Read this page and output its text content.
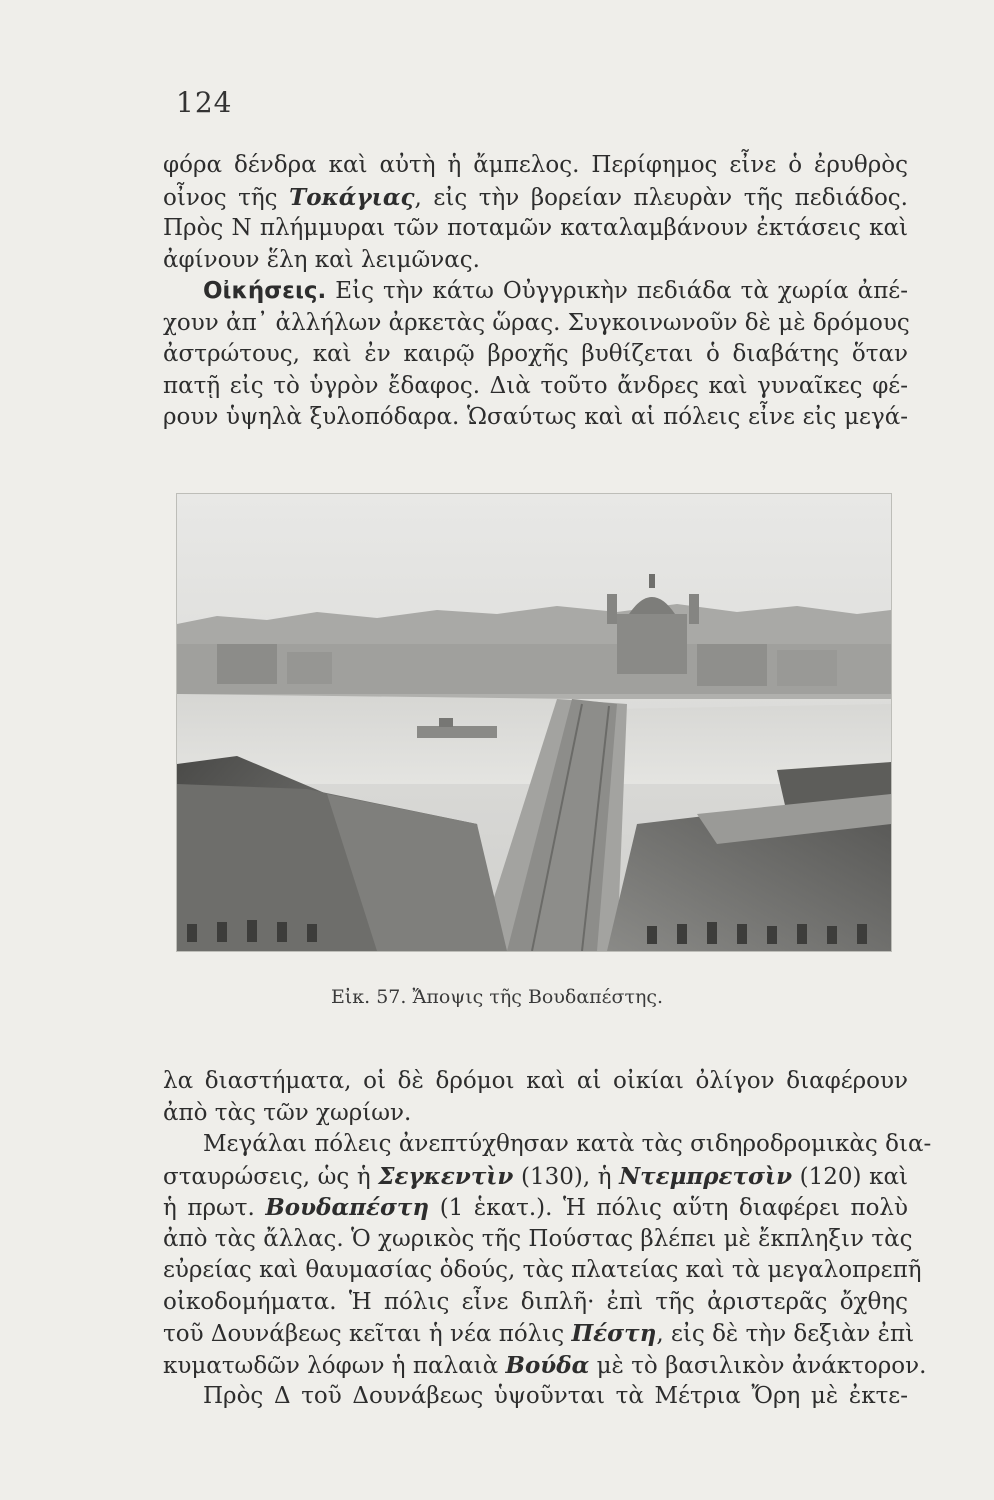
124
φόρα δένδρα καὶ αὐτὴ ἡ ἄμπελος. Περίφημος εἶνε ὁ ἐρυθρὸς
οἶνος τῆς Τοκάγιας, εἰς τὴν βορείαν πλευρὰν τῆς πεδιάδος.
Πρὸς Ν πλήμμυραι τῶν ποταμῶν καταλαμβάνουν ἐκτάσεις καὶ
ἀφίνουν ἕλη καὶ λειμῶνας.
Οἰκήσεις. Εἰς τὴν κάτω Οὐγγρικὴν πεδιάδα τὰ χωρία ἀπέ-
χουν ἀπ᾿ ἀλλήλων ἀρκετὰς ὥρας. Συγκοινωνοῦν δὲ μὲ δρόμους
ἀστρώτους, καὶ ἐν καιρῷ βροχῆς βυθίζεται ὁ διαβάτης ὅταν
πατῇ εἰς τὸ ὑγρὸν ἔδαφος. Διὰ τοῦτο ἄνδρες καὶ γυναῖκες φέ-
ρουν ὑψηλὰ ξυλοπόδαρα. Ὡσαύτως καὶ αἱ πόλεις εἶνε εἰς μεγά-
Εἰκ. 57. Ἄποψις τῆς Βουδαπέστης.
λα διαστήματα, οἱ δὲ δρόμοι καὶ αἱ οἰκίαι ὀλίγον διαφέρουν
ἀπὸ τὰς τῶν χωρίων.
Μεγάλαι πόλεις ἀνεπτύχθησαν κατὰ τὰς σιδηροδρομικὰς δια-
σταυρώσεις, ὡς ἡ Σεγκεντὶν (130), ἡ Ντεμπρετσὶν (120) καὶ
ἡ πρωτ. Βουδαπέστη (1 ἑκατ.). Ἡ πόλις αὕτη διαφέρει πολὺ
ἀπὸ τὰς ἄλλας. Ὁ χωρικὸς τῆς Πούστας βλέπει μὲ ἔκπληξιν τὰς
εὐρείας καὶ θαυμασίας ὁδούς, τὰς πλατείας καὶ τὰ μεγαλοπρεπῆ
οἰκοδομήματα. Ἡ πόλις εἶνε διπλῆ· ἐπὶ τῆς ἀριστερᾶς ὄχθης
τοῦ Δουνάβεως κεῖται ἡ νέα πόλις Πέστη, εἰς δὲ τὴν δεξιὰν ἐπὶ
κυματωδῶν λόφων ἡ παλαιὰ Βούδα μὲ τὸ βασιλικὸν ἀνάκτορον.
Πρὸς Δ τοῦ Δουνάβεως ὑψοῦνται τὰ Μέτρια Ὄρη μὲ ἐκτε-
